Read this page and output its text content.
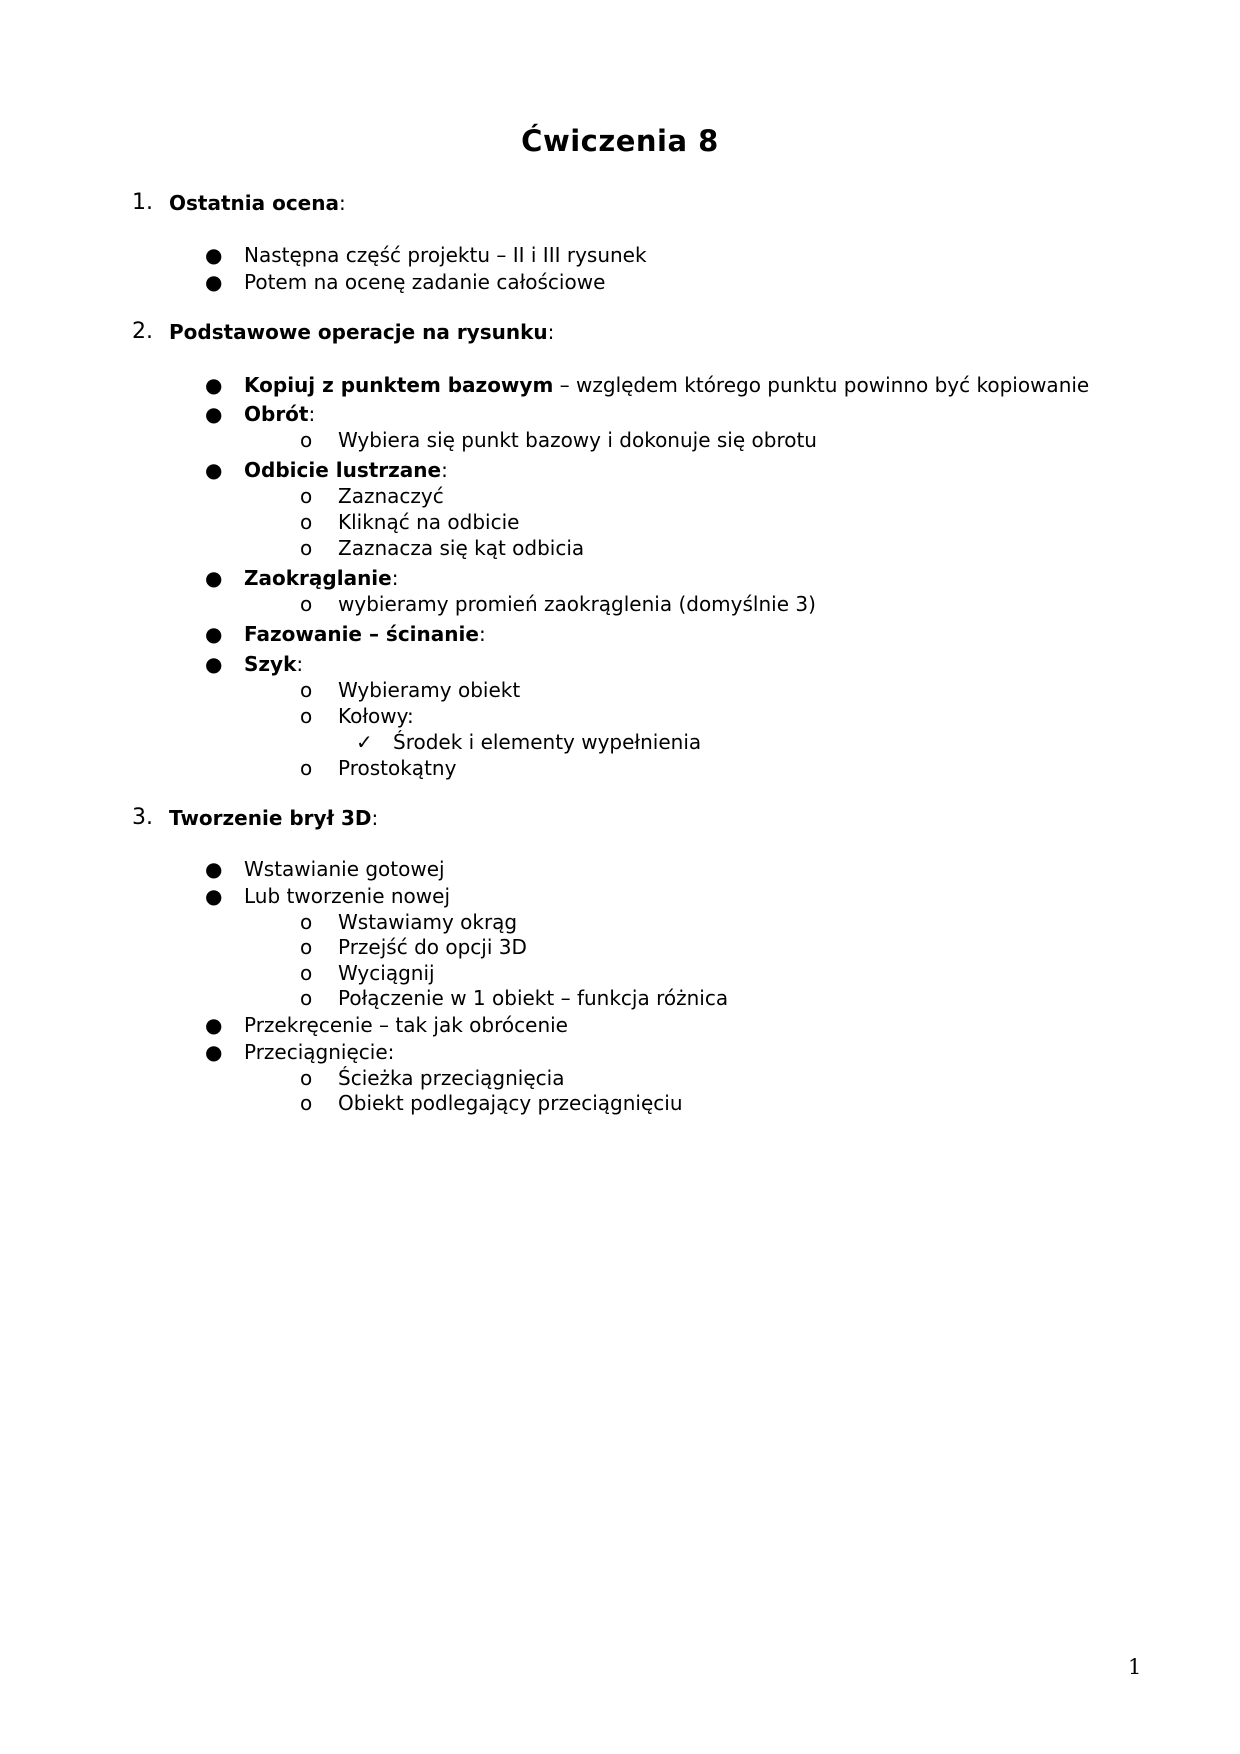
Ćwiczenia 8
1. Ostatnia ocena:
● Następna część projektu – II i III rysunek
● Potem na ocenę zadanie całościowe
2. Podstawowe operacje na rysunku:
● Kopiuj z punktem bazowym – względem którego punktu powinno być kopiowanie
● Obrót:
o Wybiera się punkt bazowy i dokonuje się obrotu
● Odbicie lustrzane:
o Zaznaczyć
o Kliknąć na odbicie
o Zaznacza się kąt odbicia
● Zaokrąglanie:
o wybieramy promień zaokrąglenia (domyślnie 3)
● Fazowanie – ścinanie:
● Szyk:
o Wybieramy obiekt
o Kołowy:
✓ Środek i elementy wypełnienia
o Prostokątny
3. Tworzenie brył 3D:
● Wstawianie gotowej
● Lub tworzenie nowej
o Wstawiamy okrąg
o Przejść do opcji 3D
o Wyciągnij
o Połączenie w 1 obiekt – funkcja różnica
● Przekręcenie – tak jak obrócenie
● Przeciągnięcie:
o Ścieżka przeciągnięcia
o Obiekt podlegający przeciągnięciu
1
